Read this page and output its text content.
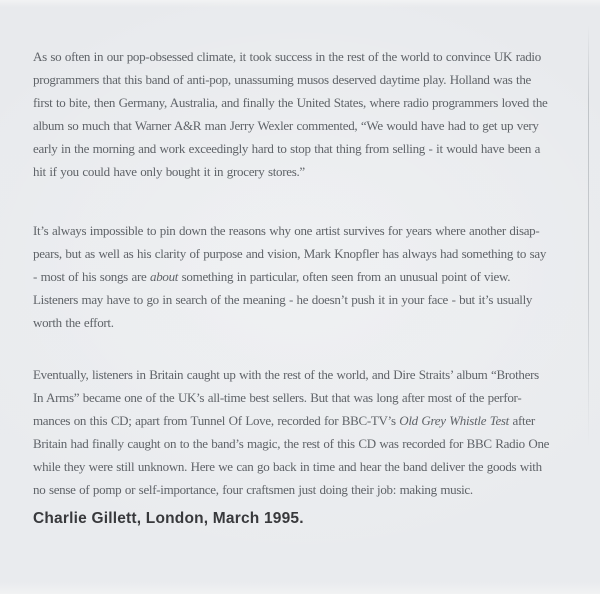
As so often in our pop-obsessed climate, it took success in the rest of the world to convince UK radio
programmers that this band of anti-pop, unassuming musos deserved daytime play. Holland was the
first to bite, then Germany, Australia, and finally the United States, where radio programmers loved the
album so much that Warner A&R man Jerry Wexler commented, “We would have had to get up very
early in the morning and work exceedingly hard to stop that thing from selling - it would have been a
hit if you could have only bought it in grocery stores.”
It’s always impossible to pin down the reasons why one artist survives for years where another disap-
pears, but as well as his clarity of purpose and vision, Mark Knopfler has always had something to say
- most of his songs are about something in particular, often seen from an unusual point of view.
Listeners may have to go in search of the meaning - he doesn’t push it in your face - but it’s usually
worth the effort.
Eventually, listeners in Britain caught up with the rest of the world, and Dire Straits’ album “Brothers
In Arms” became one of the UK’s all-time best sellers. But that was long after most of the perfor-
mances on this CD; apart from Tunnel Of Love, recorded for BBC-TV’s Old Grey Whistle Test after
Britain had finally caught on to the band’s magic, the rest of this CD was recorded for BBC Radio One
while they were still unknown. Here we can go back in time and hear the band deliver the goods with
no sense of pomp or self-importance, four craftsmen just doing their job: making music.
Charlie Gillett, London, March 1995.
